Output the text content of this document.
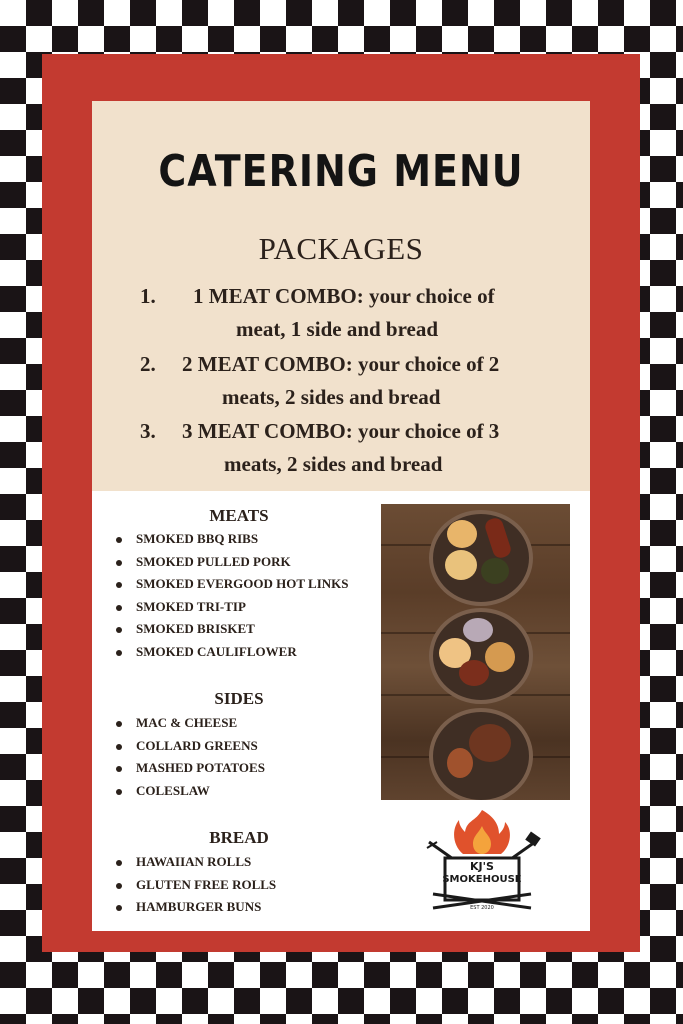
CATERING MENU
PACKAGES
1. 1 MEAT COMBO: your choice of
meat, 1 side and bread
2. 2 MEAT COMBO: your choice of 2
meats, 2 sides and bread
3. 3 MEAT COMBO: your choice of 3
meats, 2 sides and bread
MEATS
SMOKED BBQ RIBS
SMOKED PULLED PORK
SMOKED EVERGOOD HOT LINKS
SMOKED TRI-TIP
SMOKED BRISKET
SMOKED CAULIFLOWER
SIDES
MAC & CHEESE
COLLARD GREENS
MASHED POTATOES
COLESLAW
BREAD
HAWAIIAN ROLLS
GLUTEN FREE ROLLS
HAMBURGER BUNS
KJ'S
SMOKEHOUSE
EST 2020
